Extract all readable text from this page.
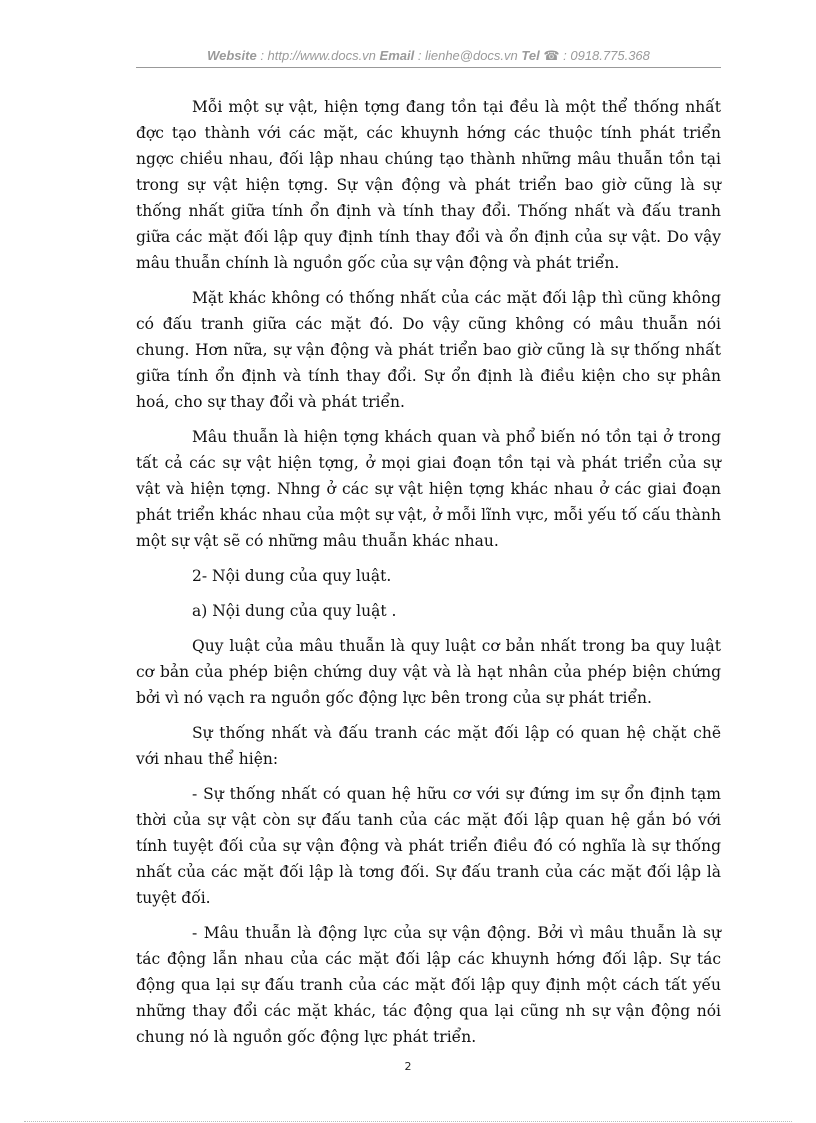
Website : http://www.docs.vn Email : lienhe@docs.vn Tel ☎ : 0918.775.368

Mỗi một sự vật, hiện tợng đang tồn tại đều là một thể thống nhất đợc tạo thành với các mặt, các khuynh hớng các thuộc tính phát triển ngợc chiều nhau, đối lập nhau chúng tạo thành những mâu thuẫn tồn tại trong sự vật hiện tợng. Sự vận động và phát triển bao giờ cũng là sự thống nhất giữa tính ổn định và tính thay đổi. Thống nhất và đấu tranh giữa các mặt đối lập quy định tính thay đổi và ổn định của sự vật. Do vậy mâu thuẫn chính là nguồn gốc của sự vận động và phát triển.

Mặt khác không có thống nhất của các mặt đối lập thì cũng không có đấu tranh giữa các mặt đó. Do vậy cũng không có mâu thuẫn nói chung. Hơn nữa, sự vận động và phát triển bao giờ cũng là sự thống nhất giữa tính ổn định và tính thay đổi. Sự ổn định là điều kiện cho sự phân hoá, cho sự thay đổi và phát triển.

Mâu thuẫn là hiện tợng khách quan và phổ biến nó tồn tại ở trong tất cả các sự vật hiện tợng, ở mọi giai đoạn tồn tại và phát triển của sự vật và hiện tợng. Nhng ở các sự vật hiện tợng khác nhau ở các giai đoạn phát triển khác nhau của một sự vật, ở mỗi lĩnh vực, mỗi yếu tố cấu thành một sự vật sẽ có những mâu thuẫn khác nhau.

2- Nội dung của quy luật.

a) Nội dung của quy luật .

Quy luật của mâu thuẫn là quy luật cơ bản nhất trong ba quy luật cơ bản của phép biện chứng duy vật và là hạt nhân của phép biện chứng bởi vì nó vạch ra nguồn gốc động lực bên trong của sự phát triển.

Sự thống nhất và đấu tranh các mặt đối lập có quan hệ chặt chẽ với nhau thể hiện:

- Sự thống nhất có quan hệ hữu cơ với sự đứng im sự ổn định tạm thời của sự vật còn sự đấu tanh của các mặt đối lập quan hệ gắn bó với tính tuyệt đối của sự vận động và phát triển điều đó có nghĩa là sự thống nhất của các mặt đối lập là tơng đối. Sự đấu tranh của các mặt đối lập là tuyệt đối.

- Mâu thuẫn là động lực của sự vận động. Bởi vì mâu thuẫn là sự tác động lẫn nhau của các mặt đối lập các khuynh hớng đối lập. Sự tác động qua lại sự đấu tranh của các mặt đối lập quy định một cách tất yếu những thay đổi các mặt khác, tác động qua lại cũng nh sự vận động nói chung nó là nguồn gốc động lực phát triển.

2
